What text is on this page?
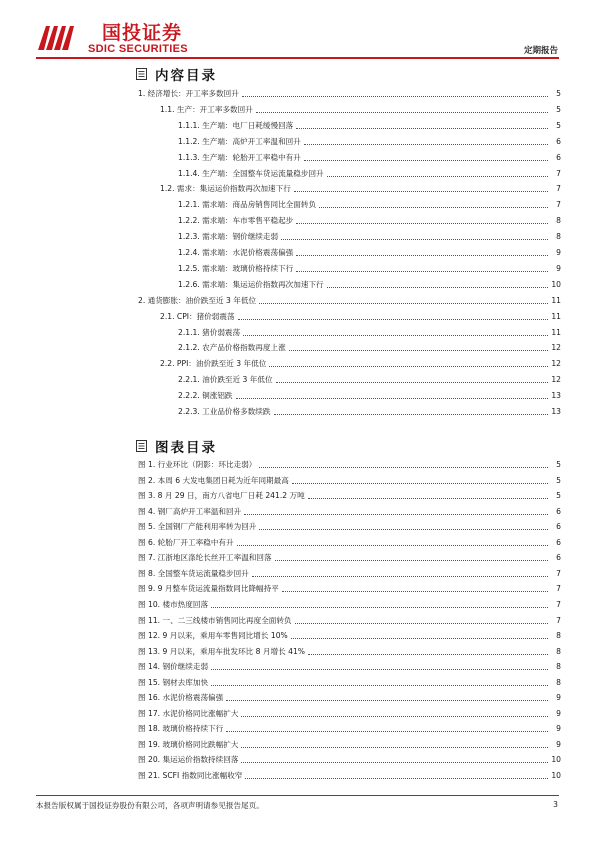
国投证券
SDIC SECURITIES	定期报告
内容目录
1. 经济增长：开工率多数回升	5
1.1. 生产：开工率多数回升	5
1.1.1. 生产端：电厂日耗缓慢回落	5
1.1.2. 生产端：高炉开工率温和回升	6
1.1.3. 生产端：轮胎开工率稳中有升	6
1.1.4. 生产端：全国整车货运流量稳步回升	7
1.2. 需求：集运运价指数再次加速下行	7
1.2.1. 需求端：商品房销售同比全面转负	7
1.2.2. 需求端：车市零售平稳起步	8
1.2.3. 需求端：钢价继续走弱	8
1.2.4. 需求端：水泥价格震荡偏强	9
1.2.5. 需求端：玻璃价格持续下行	9
1.2.6. 需求端：集运运价指数再次加速下行	10
2. 通货膨胀：油价跌至近 3 年低位	11
2.1. CPI：猪价弱震荡	11
2.1.1. 猪价弱震荡	11
2.1.2. 农产品价格指数再度上涨	12
2.2. PPI：油价跌至近 3 年低位	12
2.2.1. 油价跌至近 3 年低位	12
2.2.2. 铜涨铝跌	13
2.2.3. 工业品价格多数续跌	13
图表目录
图 1. 行业环比（阴影：环比走弱）	5
图 2. 本周 6 大发电集团日耗为近年同期最高	5
图 3. 8 月 29 日，南方八省电厂日耗 241.2 万吨	5
图 4. 钢厂高炉开工率温和回升	6
图 5. 全国钢厂产能利用率转为回升	6
图 6. 轮胎厂开工率稳中有升	6
图 7. 江浙地区涤纶长丝开工率温和回落	6
图 8. 全国整车货运流量稳步回升	7
图 9. 9 月整车货运流量指数同比降幅持平	7
图 10. 楼市热度回落	7
图 11. 一、二三线楼市销售同比再度全面转负	7
图 12. 9 月以来，乘用车零售同比增长 10%	8
图 13. 9 月以来，乘用车批发环比 8 月增长 41%	8
图 14. 钢价继续走弱	8
图 15. 钢材去库加快	8
图 16. 水泥价格震荡偏强	9
图 17. 水泥价格同比涨幅扩大	9
图 18. 玻璃价格持续下行	9
图 19. 玻璃价格同比跌幅扩大	9
图 20. 集运运价指数持续回落	10
图 21. SCFI 指数同比涨幅收窄	10
本报告版权属于国投证券股份有限公司，各项声明请参见报告尾页。	3
